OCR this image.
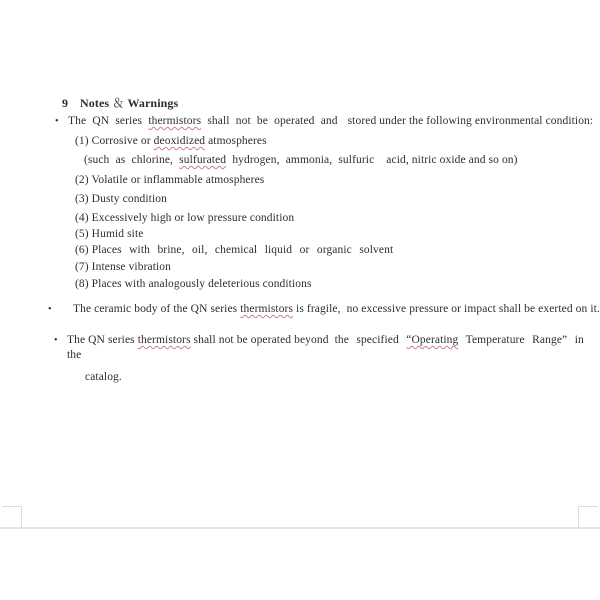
9 Notes ＆ Warnings
• The QN series thermistors shall not be operated and stored under the following environmental condition:
(1) Corrosive or deoxidized atmospheres
(such as chlorine, sulfurated hydrogen, ammonia, sulfuric acid, nitric oxide and so on)
(2) Volatile or inflammable atmospheres
(3) Dusty condition
(4) Excessively high or low pressure condition
(5) Humid site
(6) Places with brine, oil, chemical liquid or organic solvent
(7) Intense vibration
(8) Places with analogously deleterious conditions
• The ceramic body of the QN series thermistors is fragile, no excessive pressure or impact shall be exerted on it.
• The QN series thermistors shall not be operated beyond the specified “Operating Temperature Range” in the
catalog.
